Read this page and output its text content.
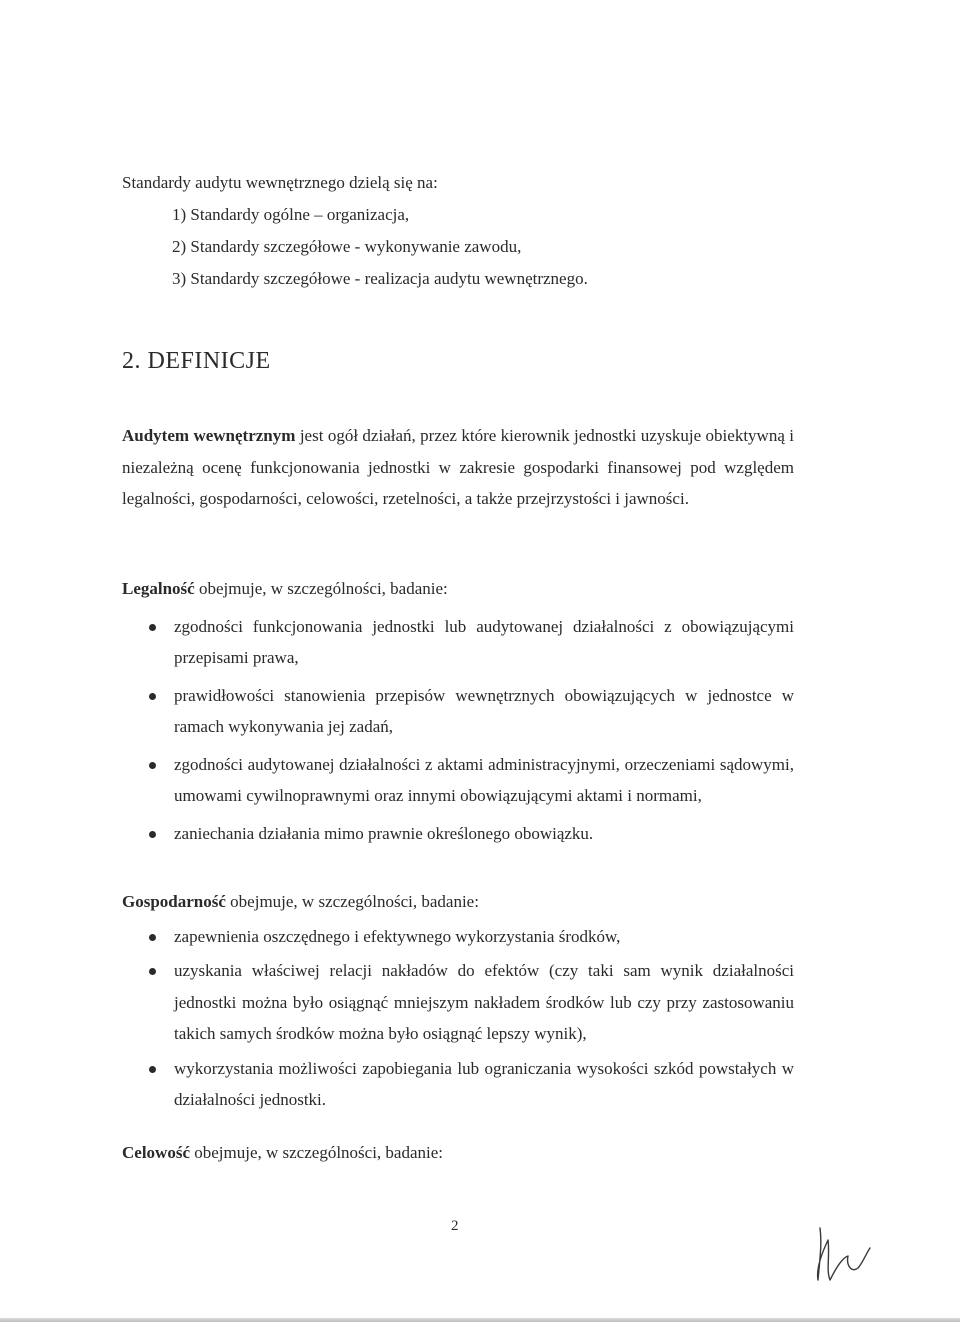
Standardy audytu wewnętrznego dzielą się na:
1) Standardy ogólne – organizacja,
2) Standardy szczegółowe - wykonywanie zawodu,
3) Standardy szczegółowe - realizacja audytu wewnętrznego.
2. DEFINICJE

Audytem wewnętrznym jest ogół działań, przez które kierownik jednostki uzyskuje obiektywną i niezależną ocenę funkcjonowania jednostki w zakresie gospodarki finansowej pod względem legalności, gospodarności, celowości, rzetelności, a także przejrzystości i jawności.

Legalność obejmuje, w szczególności, badanie:

zgodności funkcjonowania jednostki lub audytowanej działalności z obowiązującymi przepisami prawa,
prawidłowości stanowienia przepisów wewnętrznych obowiązujących w jednostce w ramach wykonywania jej zadań,
zgodności audytowanej działalności z aktami administracyjnymi, orzeczeniami sądowymi, umowami cywilnoprawnymi oraz innymi obowiązującymi aktami i normami,
zaniechania działania mimo prawnie określonego obowiązku.

Gospodarność obejmuje, w szczególności, badanie:

zapewnienia oszczędnego i efektywnego wykorzystania środków,
uzyskania właściwej relacji nakładów do efektów (czy taki sam wynik działalności jednostki można było osiągnąć mniejszym nakładem środków lub czy przy zastosowaniu takich samych środków można było osiągnąć lepszy wynik),
wykorzystania możliwości zapobiegania lub ograniczania wysokości szkód powstałych w działalności jednostki.

Celowość obejmuje, w szczególności, badanie:

2
